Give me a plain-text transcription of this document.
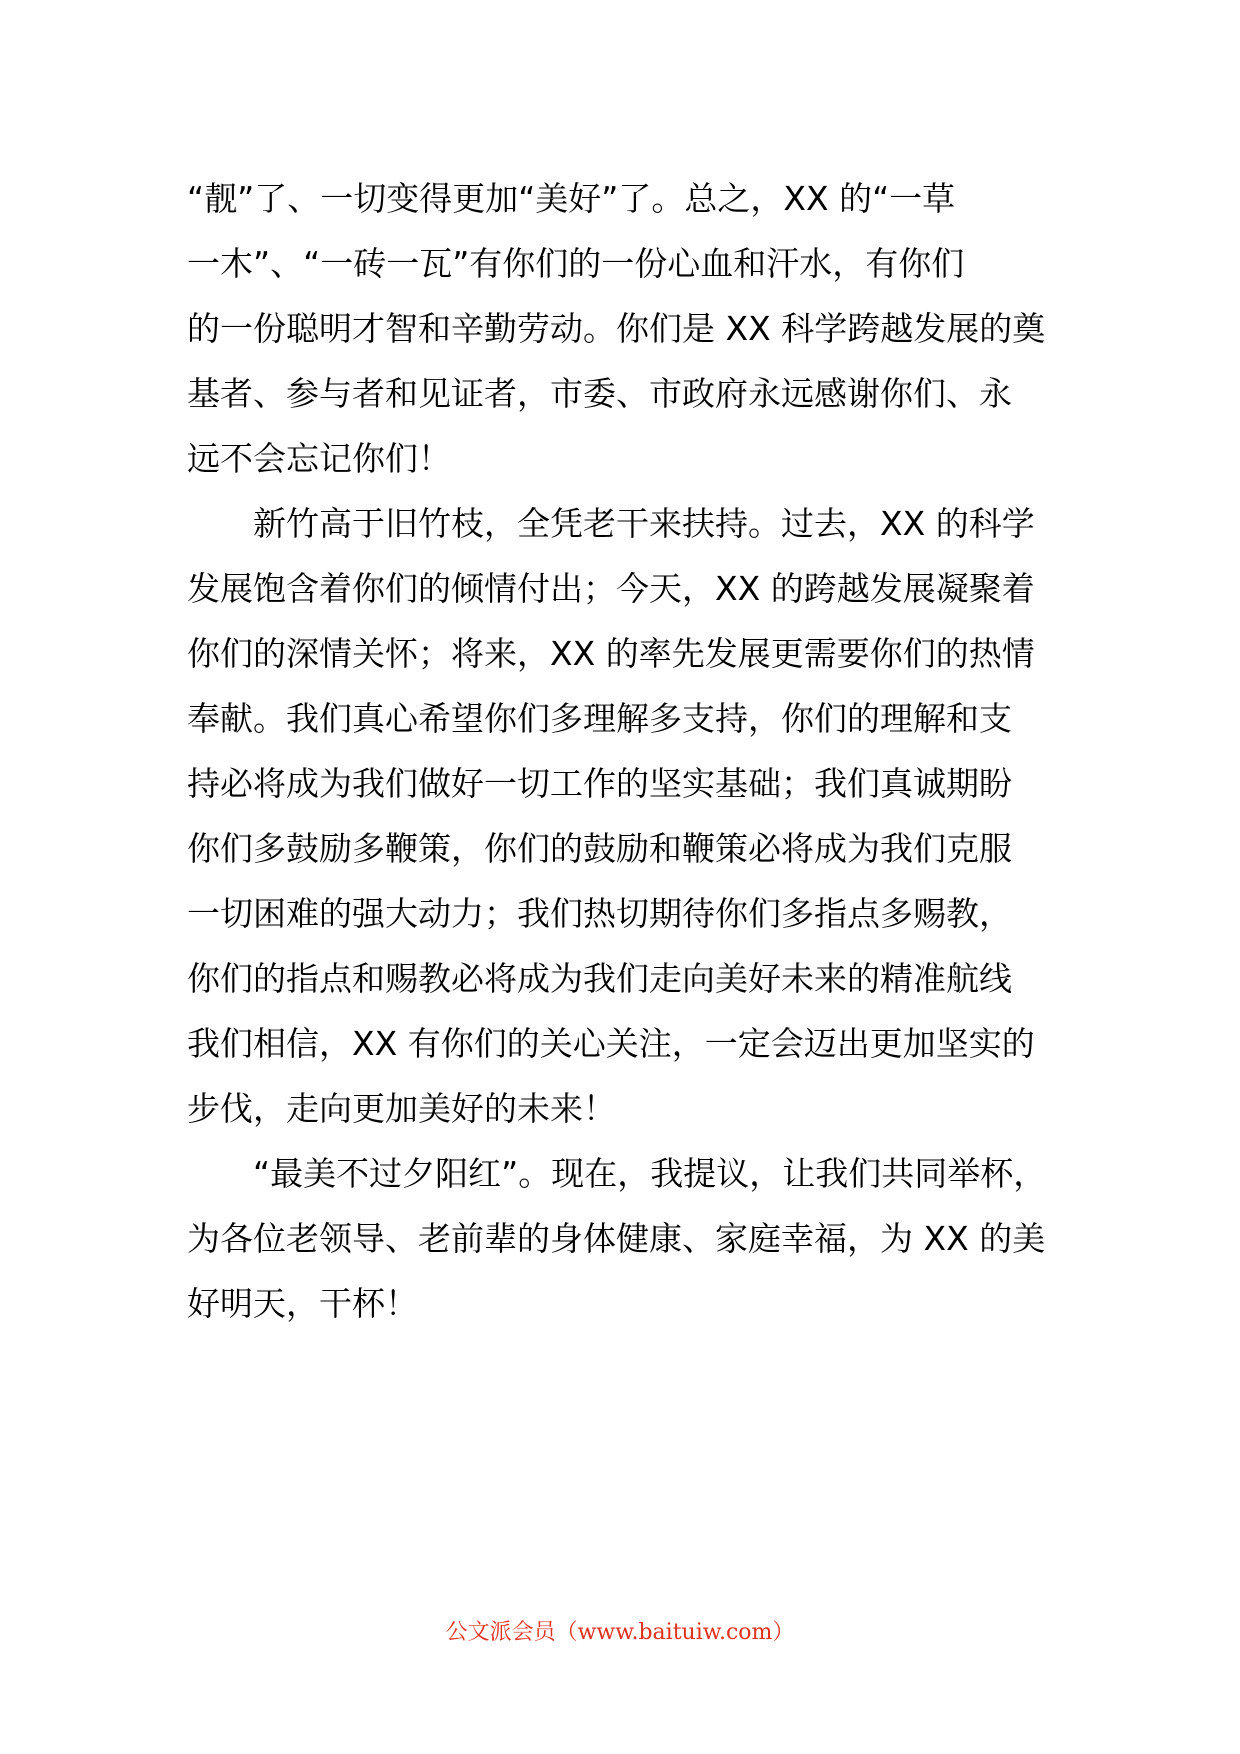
“靓”了、一切变得更加“美好”了。总之，XX 的“一草
一木”、“一砖一瓦”有你们的一份心血和汗水，有你们
的一份聪明才智和辛勤劳动。你们是 XX 科学跨越发展的奠
基者、参与者和见证者，市委、市政府永远感谢你们、永
远不会忘记你们！
新竹高于旧竹枝，全凭老干来扶持。过去，XX 的科学
发展饱含着你们的倾情付出；今天，XX 的跨越发展凝聚着
你们的深情关怀；将来，XX 的率先发展更需要你们的热情
奉献。我们真心希望你们多理解多支持，你们的理解和支
持必将成为我们做好一切工作的坚实基础；我们真诚期盼
你们多鼓励多鞭策，你们的鼓励和鞭策必将成为我们克服
一切困难的强大动力；我们热切期待你们多指点多赐教，
你们的指点和赐教必将成为我们走向美好未来的精准航线
我们相信，XX 有你们的关心关注，一定会迈出更加坚实的
步伐，走向更加美好的未来！
“最美不过夕阳红”。现在，我提议，让我们共同举杯，
为各位老领导、老前辈的身体健康、家庭幸福，为 XX 的美
好明天，干杯！
公文派会员（www.baituiw.com）
